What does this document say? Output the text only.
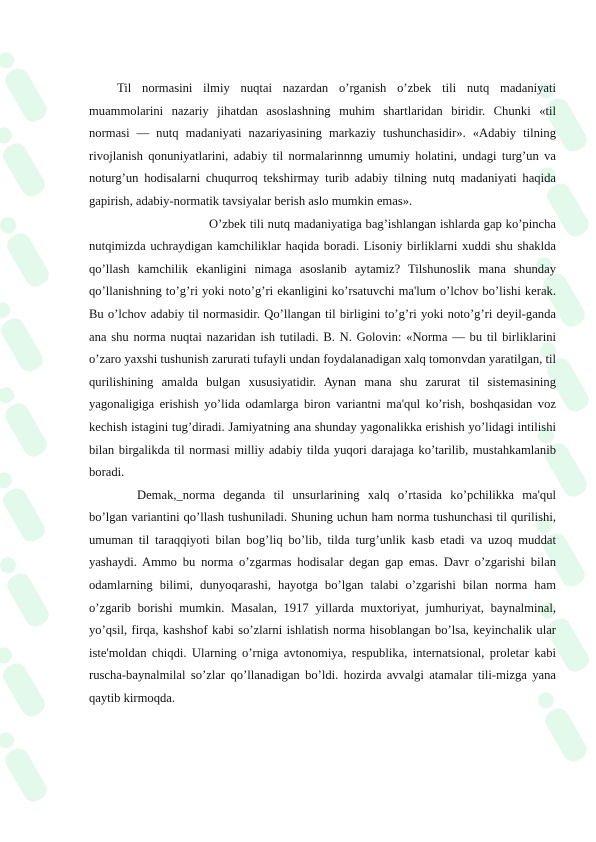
Til normasini ilmiy nuqtai nazardan o’rganish o’zbek tili nutq madaniyati muammolarini nazariy jihatdan asoslashning muhim shartlaridan biridir. Chunki «til normasi — nutq madaniyati nazariyasining markaziy tushunchasidir». «Adabiy tilning rivojlanish qonuniyatlarini, adabiy til normalarinnng umumiy holatini, undagi turg’un va noturg’un hodisalarni chuqurroq tekshirmay turib adabiy tilning nutq madaniyati haqida gapirish, adabiy-normatik tavsiyalar berish aslo mumkin emas».

O’zbek tili nutq madaniyatiga bag’ishlangan ishlarda gap ko’pincha nutqimizda uchraydigan kamchiliklar haqida boradi. Lisoniy birliklarni xuddi shu shaklda qo’llash kamchilik ekanligini nimaga asoslanib aytamiz? Tilshunoslik mana shunday qo’llanishning to’g’ri yoki noto’g’ri ekanligini ko’rsatuvchi ma'lum o’lchov bo’lishi kerak. Bu o’lchov adabiy til normasidir. Qo’llangan til birligini to’g’ri yoki noto’g’ri deyil-ganda ana shu norma nuqtai nazaridan ish tutiladi. B. N. Golovin: «Norma — bu til birliklarini o’zaro yaxshi tushunish zarurati tufayli undan foydalanadigan xalq tomonvdan yaratilgan, til qurilishining amalda bulgan xususiyatidir. Aynan mana shu zarurat til sistemasining yagonaligiga erishish yo’lida odamlarga biron variantni ma'qul ko’rish, boshqasidan voz kechish istagini tug’diradi. Jamiyatning ana shunday yagonalikka erishish yo’lidagi intilishi bilan birgalikda til normasi milliy adabiy tilda yuqori darajaga ko’tarilib, mustahkamlanib boradi.

Demak,_norma deganda til unsurlarining xalq o’rtasida ko’pchilikka ma'qul bo’lgan variantini qo’llash tushuniladi. Shuning uchun ham norma tushunchasi til qurilishi, umuman til taraqqiyoti bilan bog’liq bo’lib, tilda turg’unlik kasb etadi va uzoq muddat yashaydi. Ammo bu norma o’zgarmas hodisalar degan gap emas. Davr o’zgarishi bilan odamlarning bilimi, dunyoqarashi, hayotga bo’lgan talabi o’zgarishi bilan norma ham o’zgarib borishi mumkin. Masalan, 1917 yillarda muxtoriyat, jumhuriyat, baynalminal, yo’qsil, firqa, kashshof kabi so’zlarni ishlatish norma hisoblangan bo’lsa, keyinchalik ular iste'moldan chiqdi. Ularning o’rniga avtonomiya, respublika, internatsional, proletar kabi ruscha-baynalmilal so’zlar qo’llanadigan bo’ldi. hozirda avvalgi atamalar tili-mizga yana qaytib kirmoqda.
